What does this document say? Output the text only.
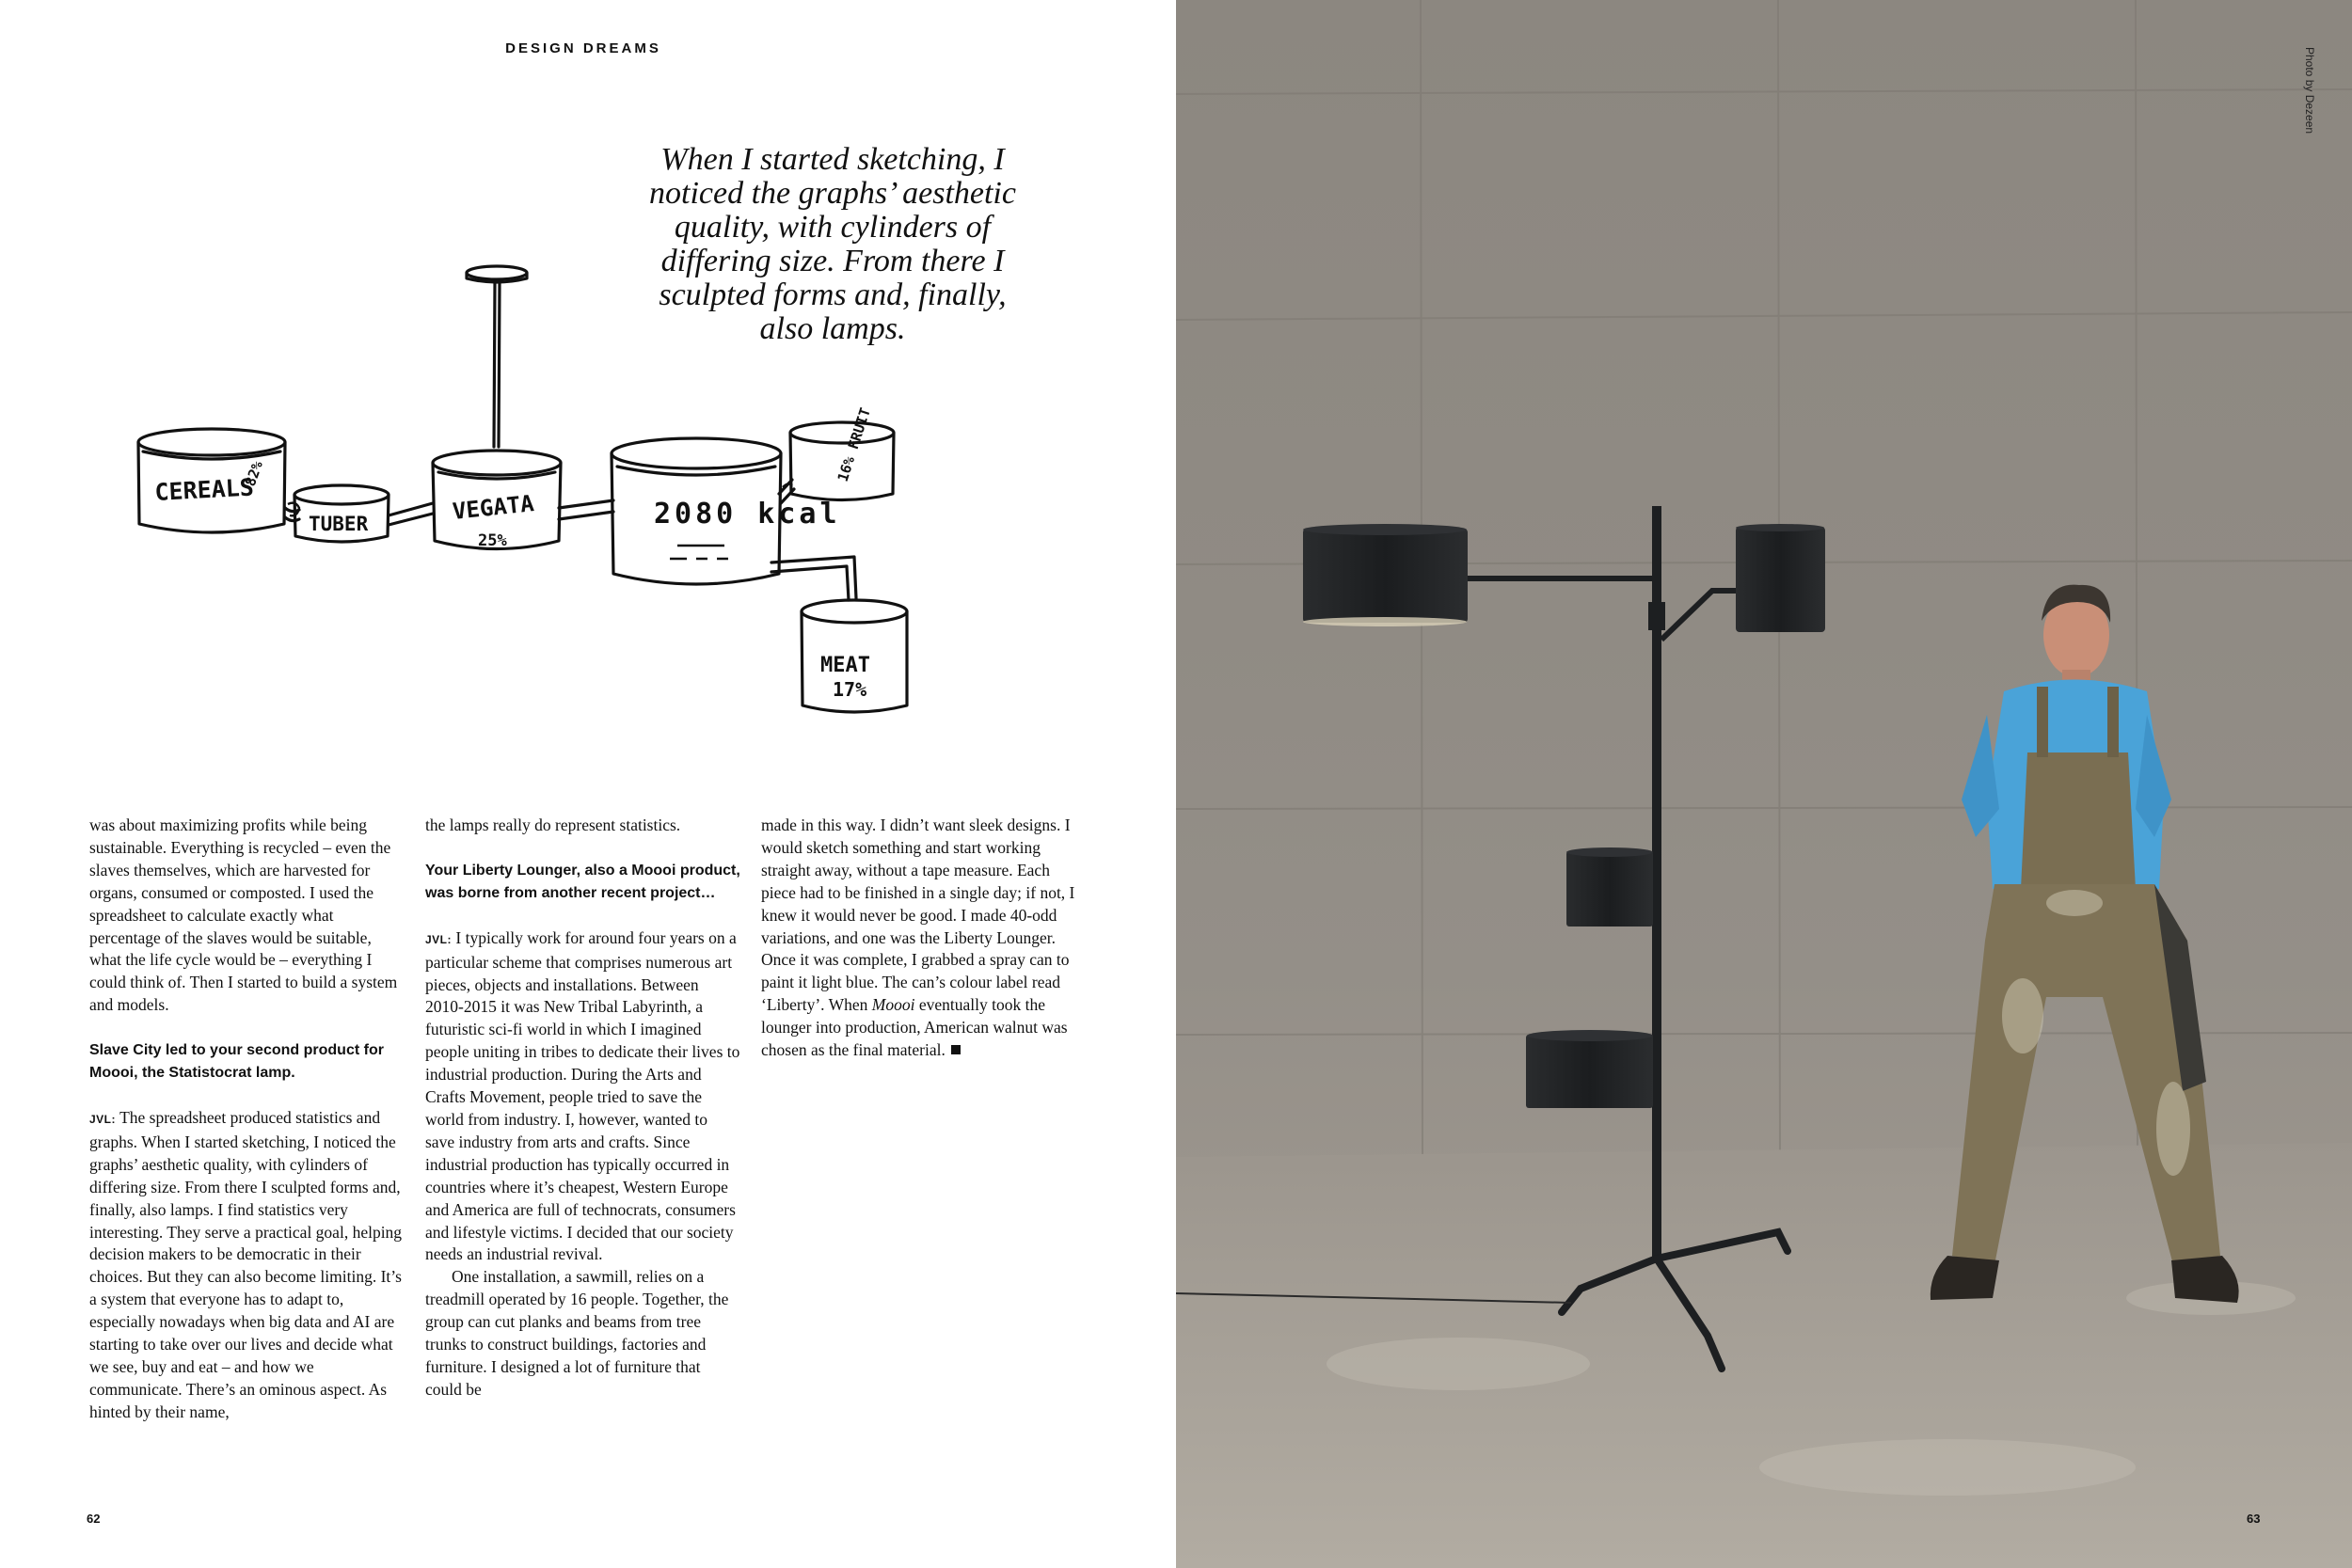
DESIGN DREAMS
When I started sketching, I
noticed the graphs’ aesthetic
quality, with cylinders of
differing size. From there I
sculpted forms and, finally,
also lamps.
CEREALS
82%
TUBER	VEGATA
25%
2080 kcal
16% FRUIT
MEAT
17%

was about maximizing profits while being sustainable. Everything is recycled – even the slaves themselves, which are harvested for organs, consumed or composted. I used the spreadsheet to calculate exactly what percentage of the slaves would be suitable, what the life cycle would be – everything I could think of. Then I started to build a system and models.

Slave City led to your second product for Moooi, the Statistocrat lamp.

JVL: The spreadsheet produced statistics and graphs. When I started sketching, I noticed the graphs’ aesthetic quality, with cylinders of differing size. From there I sculpted forms and, finally, also lamps. I find statistics very interesting. They serve a practical goal, helping decision makers to be democratic in their choices. But they can also become limiting. It’s a system that everyone has to adapt to, especially nowadays when big data and AI are starting to take over our lives and decide what we see, buy and eat – and how we communicate. There’s an ominous aspect. As hinted by their name,

the lamps really do represent statistics.

Your Liberty Lounger, also a Moooi product, was borne from another recent project…

JVL: I typically work for around four years on a particular scheme that comprises numerous art pieces, objects and installations. Between 2010-2015 it was New Tribal Labyrinth, a futuristic sci-fi world in which I imagined people uniting in tribes to dedicate their lives to industrial production. During the Arts and Crafts Movement, people tried to save the world from industry. I, however, wanted to save industry from arts and crafts. Since industrial production has typically occurred in countries where it’s cheapest, Western Europe and America are full of technocrats, consumers and lifestyle victims. I decided that our society needs an industrial revival.

One installation, a sawmill, relies on a treadmill operated by 16 people. Together, the group can cut planks and beams from tree trunks to construct buildings, factories and furniture. I designed a lot of furniture that could be

made in this way. I didn’t want sleek designs. I would sketch something and start working straight away, without a tape measure. Each piece had to be finished in a single day; if not, I knew it would never be good. I made 40-odd variations, and one was the Liberty Lounger. Once it was complete, I grabbed a spray can to paint it light blue. The can’s colour label read ‘Liberty’. When Moooi eventually took the lounger into production, American walnut was chosen as the final material.

62	63
Photo by Dezeen
